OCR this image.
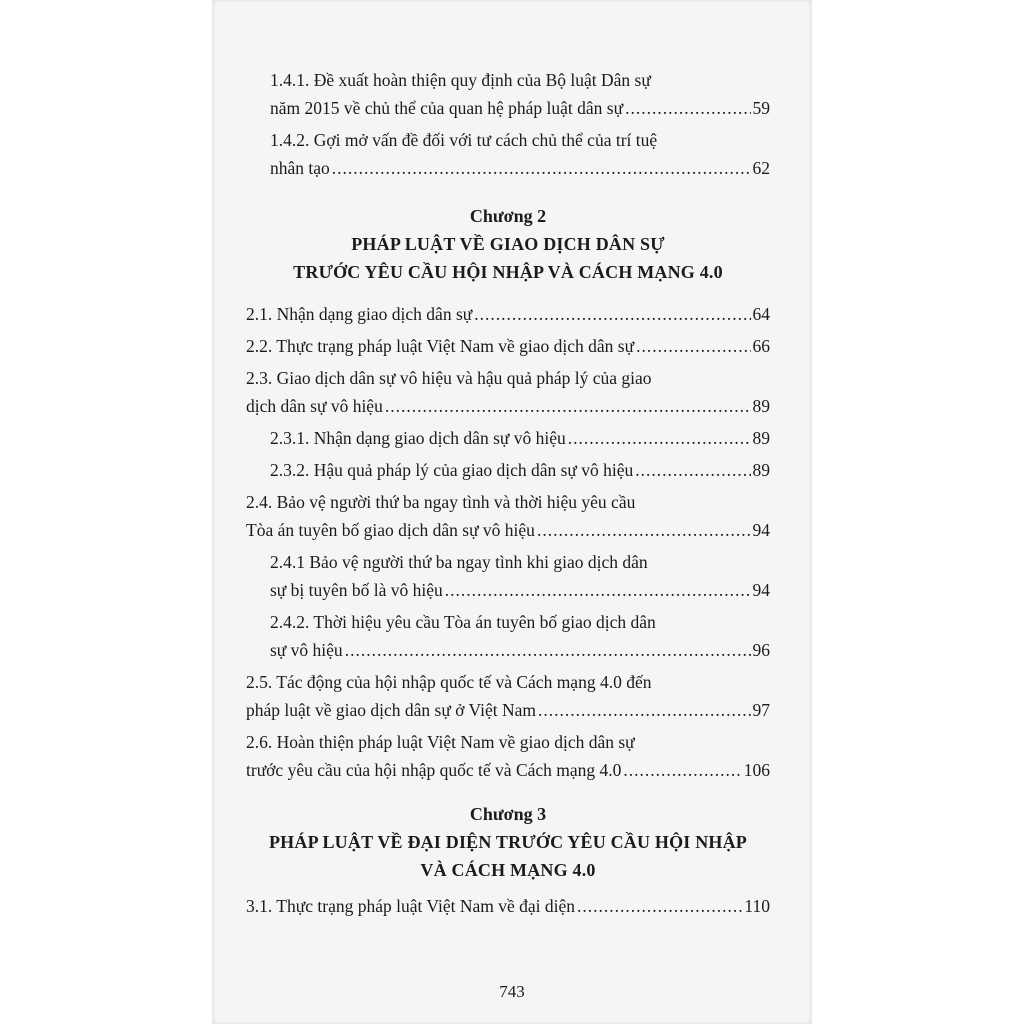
1.4.1. Đề xuất hoàn thiện quy định của Bộ luật Dân sự
năm 2015 về chủ thể của quan hệ pháp luật dân sự .....	59
1.4.2. Gợi mở vấn đề đối với tư cách chủ thể của trí tuệ
nhân tạo .....	62
Chương 2
PHÁP LUẬT VỀ GIAO DỊCH DÂN SỰ
TRƯỚC YÊU CẦU HỘI NHẬP VÀ CÁCH MẠNG 4.0
2.1. Nhận dạng giao dịch dân sự .....	64
2.2. Thực trạng pháp luật Việt Nam về giao dịch dân sự .....	66
2.3. Giao dịch dân sự vô hiệu và hậu quả pháp lý của giao
dịch dân sự vô hiệu .....	89
2.3.1. Nhận dạng giao dịch dân sự vô hiệu .....	89
2.3.2. Hậu quả pháp lý của giao dịch dân sự vô hiệu .....	89
2.4. Bảo vệ người thứ ba ngay tình và thời hiệu yêu cầu
Tòa án tuyên bố giao dịch dân sự vô hiệu .....	94
2.4.1 Bảo vệ người thứ ba ngay tình khi giao dịch dân
sự bị tuyên bố là vô hiệu .....	94
2.4.2. Thời hiệu yêu cầu Tòa án tuyên bố giao dịch dân
sự vô hiệu .....	96
2.5. Tác động của hội nhập quốc tế và Cách mạng 4.0 đến
pháp luật về giao dịch dân sự ở Việt Nam .....	97
2.6. Hoàn thiện pháp luật Việt Nam về giao dịch dân sự
trước yêu cầu của hội nhập quốc tế và Cách mạng 4.0 .....	106
Chương 3
PHÁP LUẬT VỀ ĐẠI DIỆN TRƯỚC YÊU CẦU HỘI NHẬP
VÀ CÁCH MẠNG 4.0
3.1. Thực trạng pháp luật Việt Nam về đại diện .....	110
743
